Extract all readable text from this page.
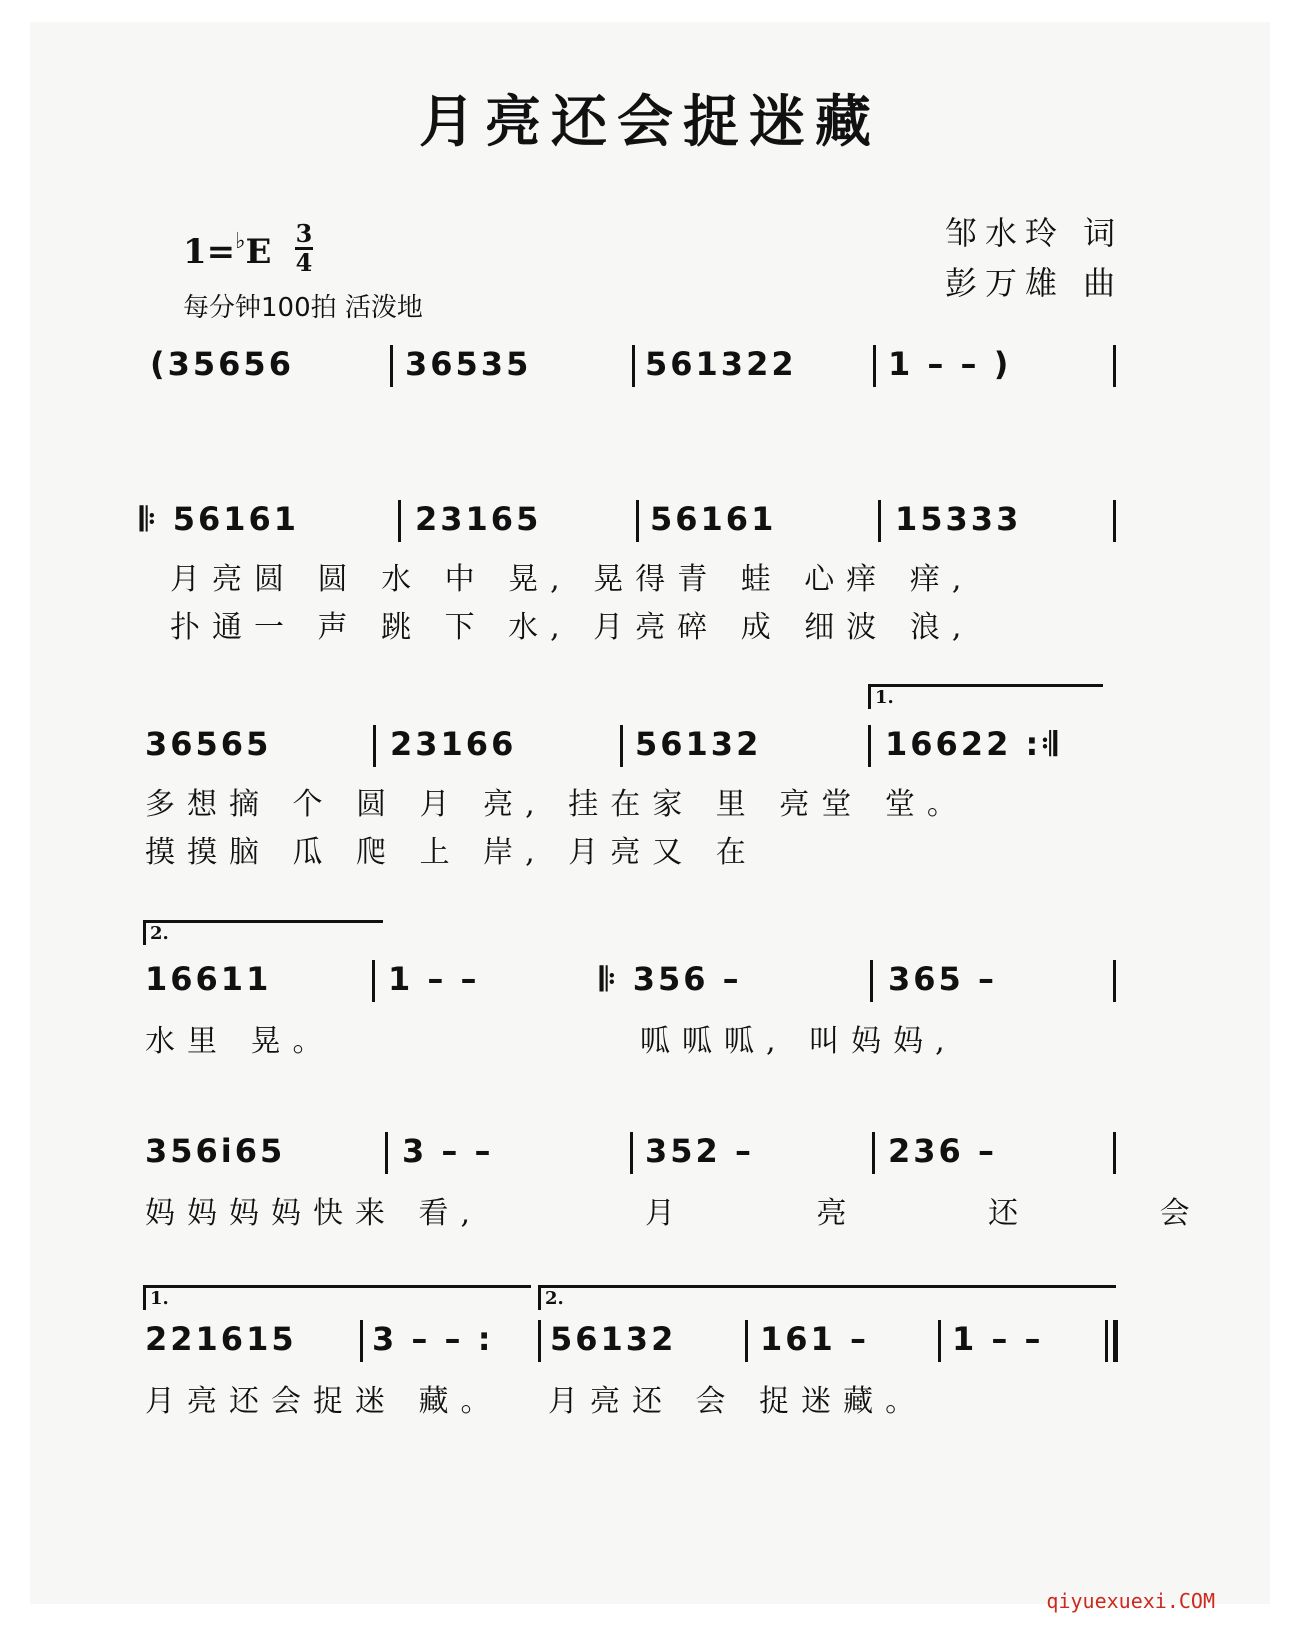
月亮还会捉迷藏
1=♭E 3
4
每分钟100拍 活泼地
邹水玲 词
彭万雄 曲
(35656	36535	561322	1 – – )
𝄆 56161	23165	56161	15333
月亮圆 圆 水 中 晃, 晃得青 蛙 心痒 痒,
扑通一 声 跳 下 水, 月亮碎 成 细波 浪,
1.
36565	23166	56132	16622 :𝄇
多想摘 个 圆 月 亮, 挂在家 里 亮堂 堂。
摸摸脑 瓜 爬 上 岸, 月亮又 在
2.
16611	1 – –	𝄆 356 –	365 –
水里 晃。	呱呱呱, 叫妈妈,
356i65	3 – –	352 –	236 –
妈妈妈妈快来 看,	月 亮 还 会
1.	2.
221615 3 – – : 56132	161 –	1 – –
月亮还会捉迷 藏。 月亮还 会 捉迷藏。
qiyuexuexi.COM
